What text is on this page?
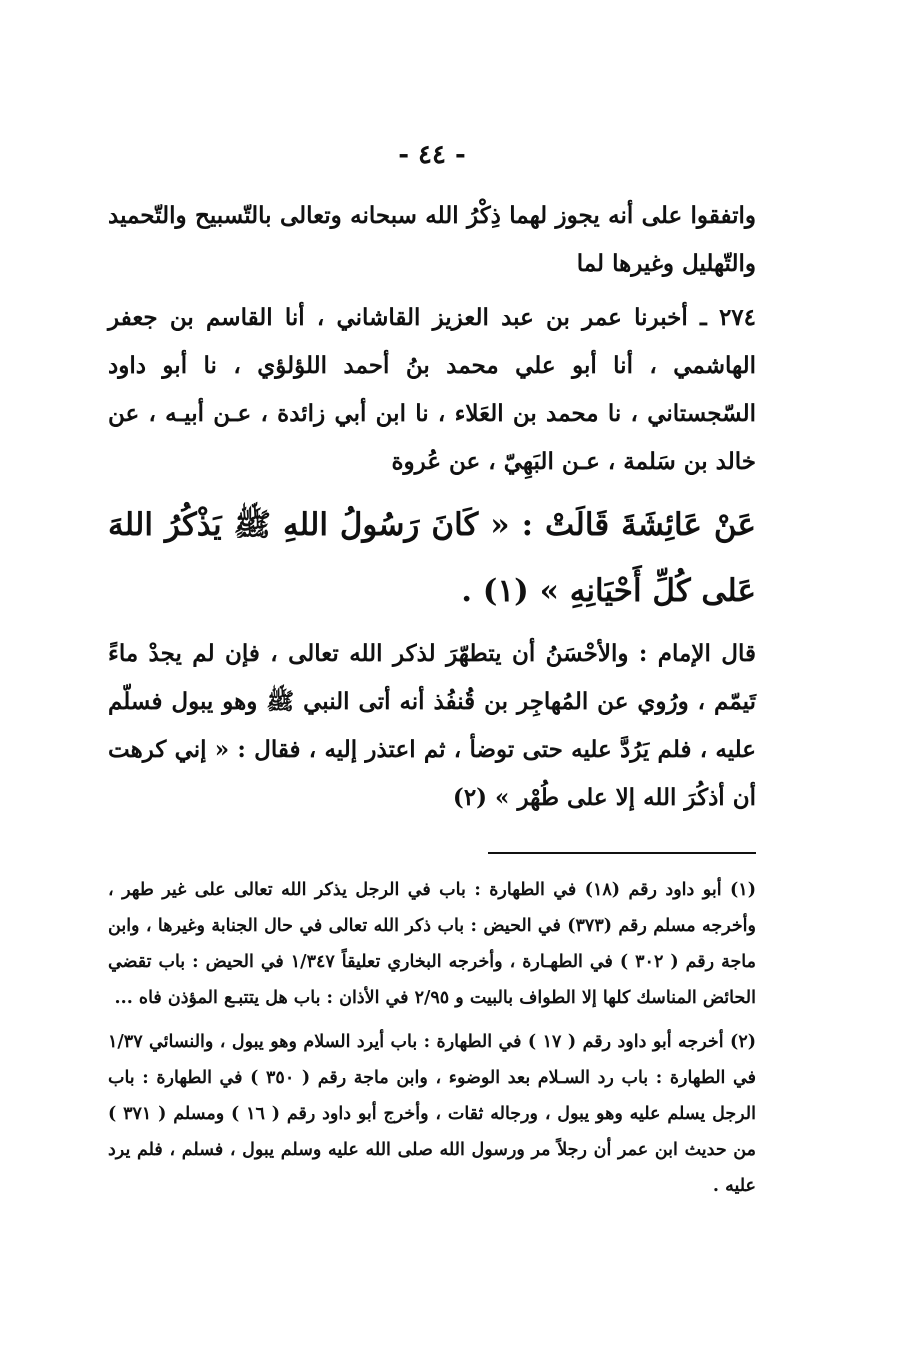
- ٤٤ -

واتفقوا على أنه يجوز لهما ذِكْرُ الله سبحانه وتعالى بالتّسبيح والتّحميد والتّهليل وغيرها لما

٢٧٤ ـ أخبرنا عمر بن عبد العزيز القاشاني ، أنا القاسم بن جعفر الهاشمي ، أنا أبو علي محمد بنُ أحمد اللؤلؤي ، نا أبو داود السّجستاني ، نا محمد بن العَلاء ، نا ابن أبي زائدة ، عـن أبيـه ، عن خالد بن سَلمة ، عـن البَهِيّ ، عن عُروة

عَنْ عَائِشَةَ قَالَتْ : « كَانَ رَسُولُ اللهِ ﷺ يَذْكُرُ اللهَ عَلى كُلِّ أَحْيَانِهِ » (١) .

قال الإمام : والأحْسَنُ أن يتطهّرَ لذكر الله تعالى ، فإن لم يجدْ ماءً تَيمّم ، ورُوي عن المُهاجِر بن قُنفُذ أنه أتى النبي ﷺ وهو يبول فسلّم عليه ، فلم يَرُدَّ عليه حتى توضأ ، ثم اعتذر إليه ، فقال : « إني كرهت أن أذكُرَ الله إلا على طُهْر » (٢)

(١) أبو داود رقم (١٨) في الطهارة : باب في الرجل يذكر الله تعالى على غير طهر ، وأخرجه مسلم رقم (٣٧٣) في الحيض : باب ذكر الله تعالى في حال الجنابة وغيرها ، وابن ماجة رقم ( ٣٠٢ ) في الطهـارة ، وأخرجه البخاري تعليقاً ١/٣٤٧ في الحيض : باب تقضي الحائض المناسك كلها إلا الطواف بالبيت و ٢/٩٥ في الأذان : باب هل يتتبـع المؤذن فاه ...

(٢) أخرجه أبو داود رقم ( ١٧ ) في الطهارة : باب أيرد السلام وهو يبول ، والنسائي ١/٣٧ في الطهارة : باب رد السـلام بعد الوضوء ، وابن ماجة رقم ( ٣٥٠ ) في الطهارة : باب الرجل يسلم عليه وهو يبول ، ورجاله ثقات ، وأخرج أبو داود رقم ( ١٦ ) ومسلم ( ٣٧١ ) من حديث ابن عمر أن رجلاً مر ورسول الله صلى الله عليه وسلم يبول ، فسلم ، فلم يرد عليه .
